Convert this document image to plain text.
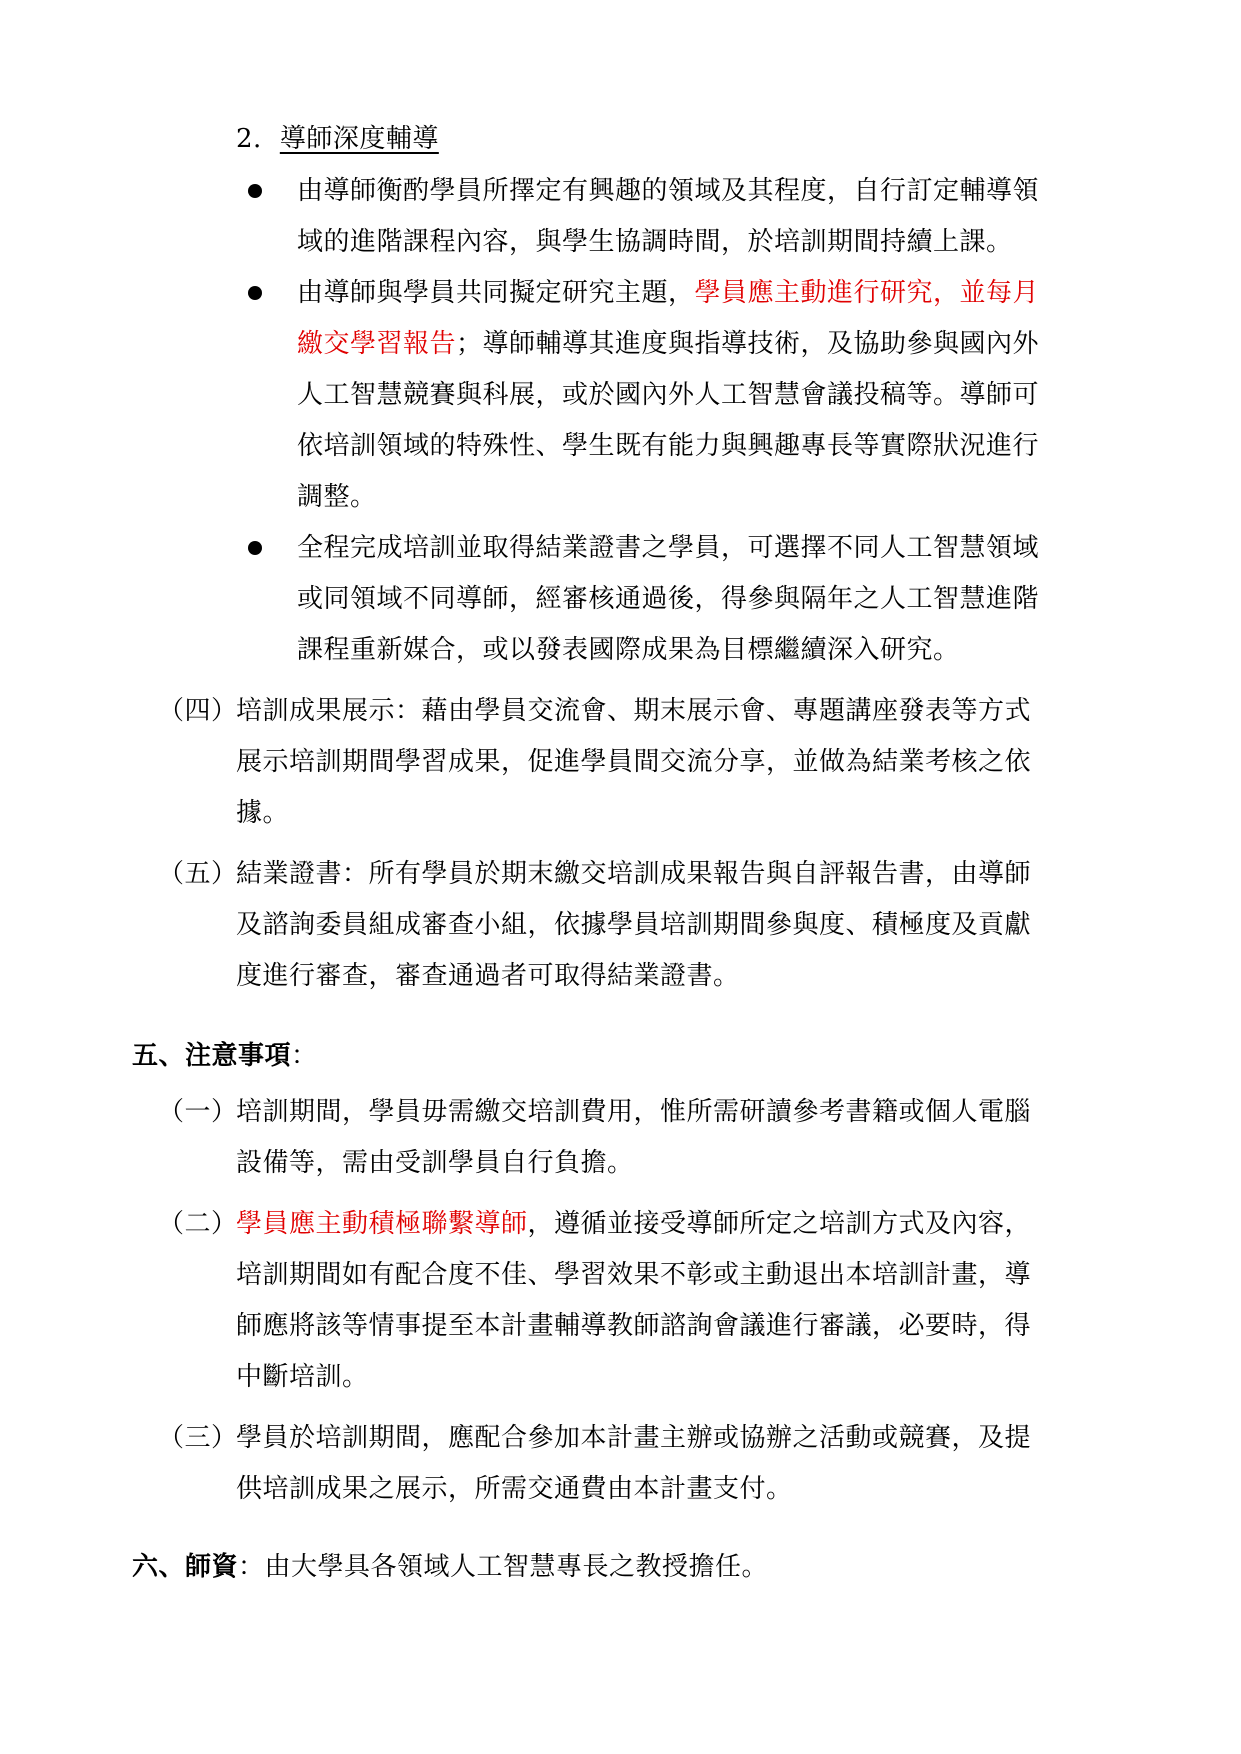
2. 導師深度輔導
由導師衡酌學員所擇定有興趣的領域及其程度，自行訂定輔導領
域的進階課程內容，與學生協調時間，於培訓期間持續上課。
由導師與學員共同擬定研究主題，學員應主動進行研究，並每月
繳交學習報告；導師輔導其進度與指導技術，及協助參與國內外
人工智慧競賽與科展，或於國內外人工智慧會議投稿等。導師可
依培訓領域的特殊性、學生既有能力與興趣專長等實際狀況進行
調整。
全程完成培訓並取得結業證書之學員，可選擇不同人工智慧領域
或同領域不同導師，經審核通過後，得參與隔年之人工智慧進階
課程重新媒合，或以發表國際成果為目標繼續深入研究。
（四）
培訓成果展示：藉由學員交流會、期末展示會、專題講座發表等方式
展示培訓期間學習成果，促進學員間交流分享，並做為結業考核之依
據。
（五）
結業證書：所有學員於期末繳交培訓成果報告與自評報告書，由導師
及諮詢委員組成審查小組，依據學員培訓期間參與度、積極度及貢獻
度進行審查，審查通過者可取得結業證書。
五、注意事項：
（一）
培訓期間，學員毋需繳交培訓費用，惟所需研讀參考書籍或個人電腦
設備等，需由受訓學員自行負擔。
（二）
學員應主動積極聯繫導師，遵循並接受導師所定之培訓方式及內容，
培訓期間如有配合度不佳、學習效果不彰或主動退出本培訓計畫，導
師應將該等情事提至本計畫輔導教師諮詢會議進行審議，必要時，得
中斷培訓。
（三）
學員於培訓期間，應配合參加本計畫主辦或協辦之活動或競賽，及提
供培訓成果之展示，所需交通費由本計畫支付。
六、師資：由大學具各領域人工智慧專長之教授擔任。
